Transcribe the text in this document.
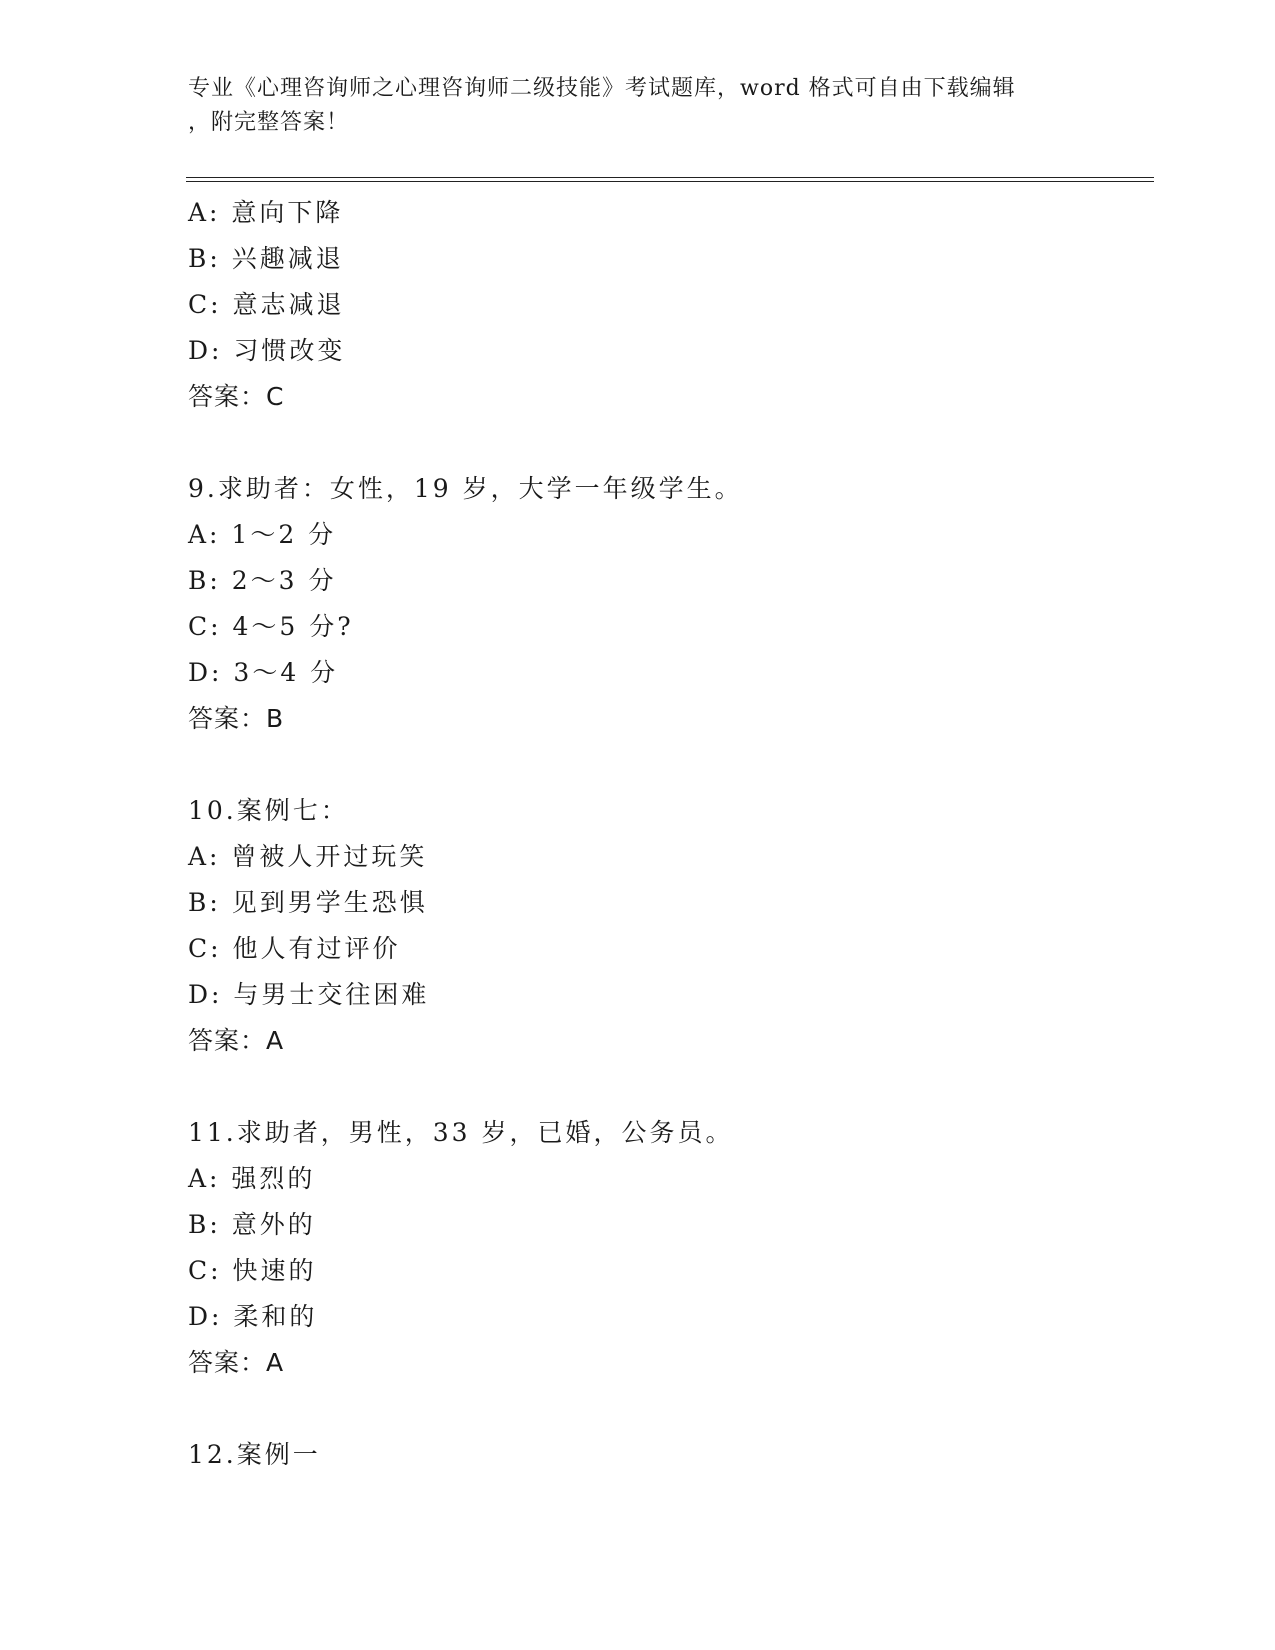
专业《心理咨询师之心理咨询师二级技能》考试题库，word 格式可自由下载编辑
，附完整答案！
A: 意向下降
B: 兴趣减退
C: 意志减退
D: 习惯改变
答案：C
9.求助者：女性，19 岁，大学一年级学生。
A: 1～2 分
B: 2～3 分
C: 4～5 分?
D: 3～4 分
答案：B
10.案例七：
A: 曾被人开过玩笑
B: 见到男学生恐惧
C: 他人有过评价
D: 与男士交往困难
答案：A
11.求助者，男性，33 岁，已婚，公务员。
A: 强烈的
B: 意外的
C: 快速的
D: 柔和的
答案：A
12.案例一
